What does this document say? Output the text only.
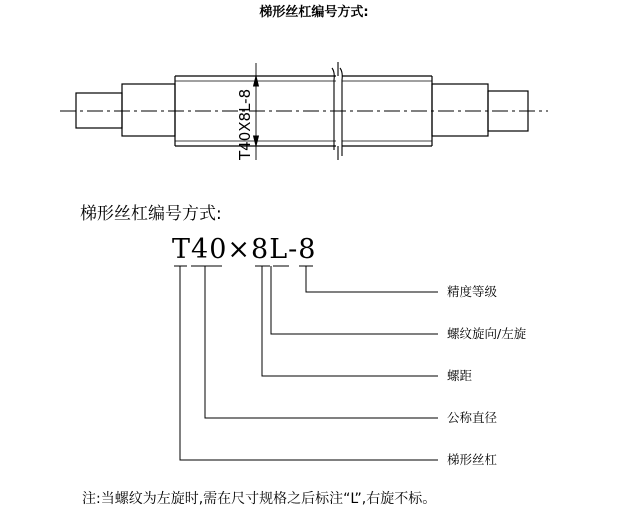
梯形丝杠编号方式:
T40X8L-8
梯形丝杠编号方式:
T40×8L-8
精度等级
螺纹旋向/左旋
螺距
公称直径
梯形丝杠
注:当螺纹为左旋时,需在尺寸规格之后标注“L”,右旋不标。
